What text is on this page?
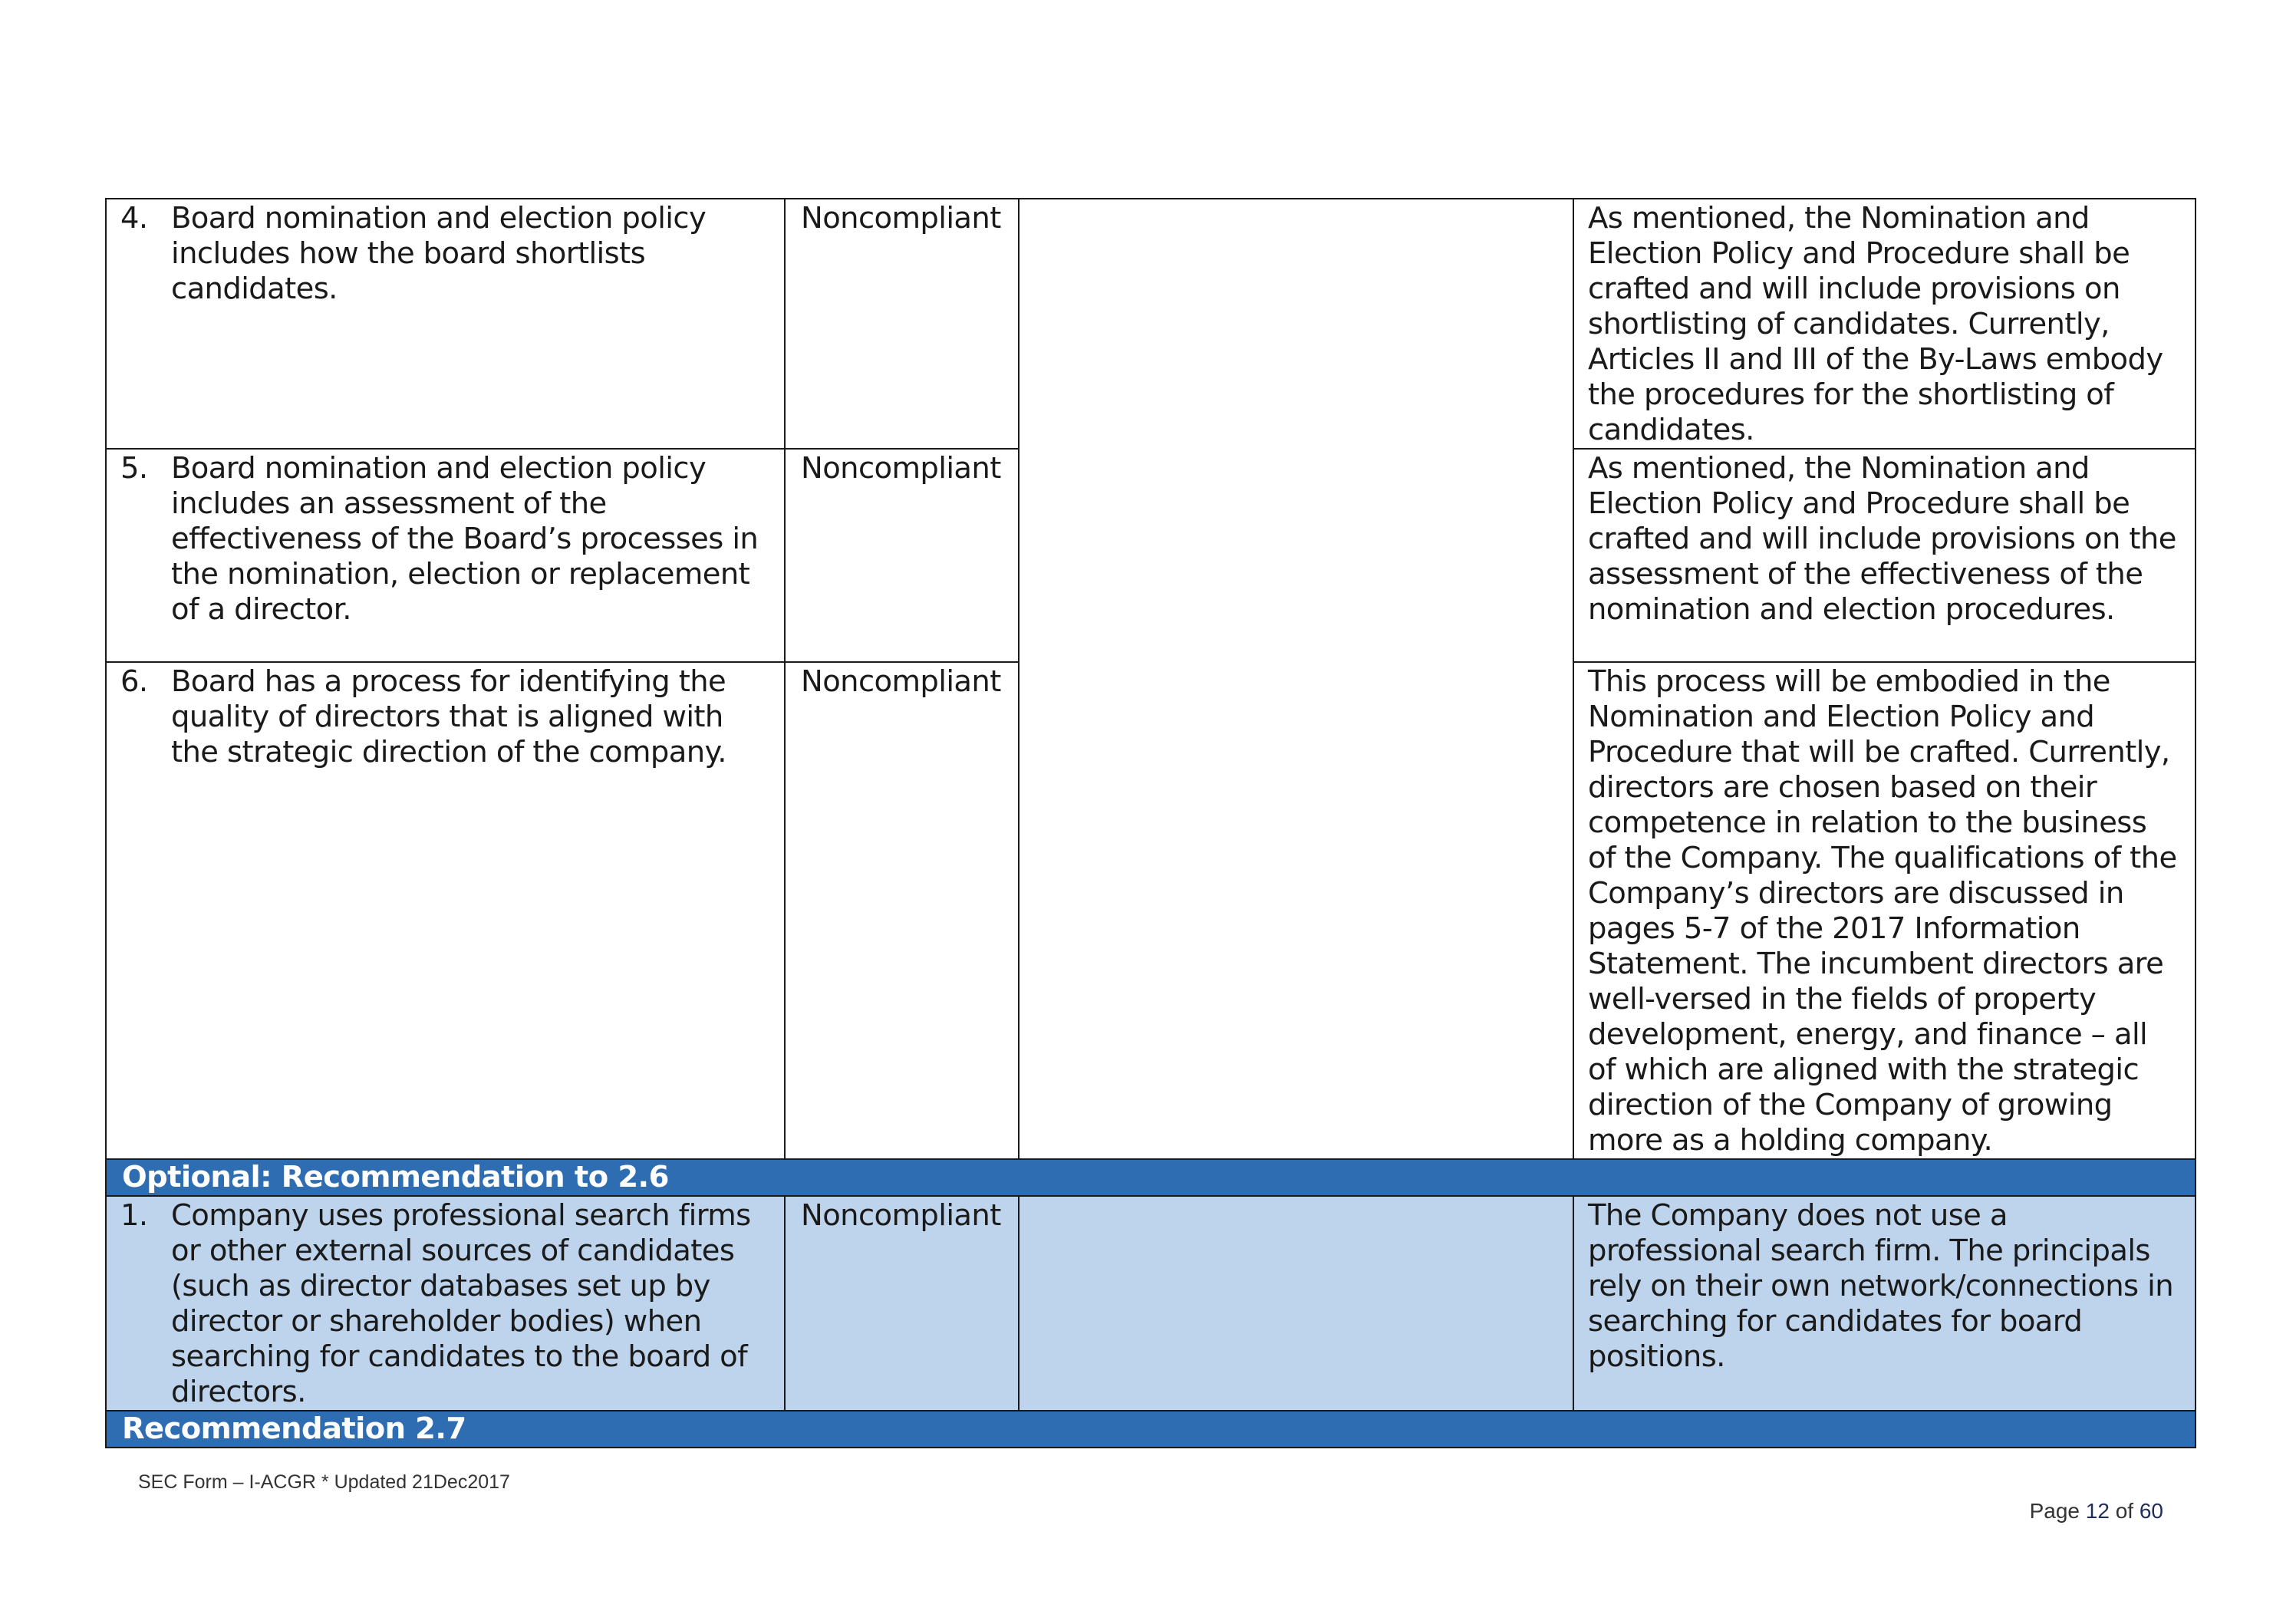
4. Board nomination and election policy includes how the board shortlists candidates.	Noncompliant		As mentioned, the Nomination and Election Policy and Procedure shall be crafted and will include provisions on shortlisting of candidates. Currently, Articles II and III of the By-Laws embody the procedures for the shortlisting of candidates.

5. Board nomination and election policy includes an assessment of the effectiveness of the Board’s processes in the nomination, election or replacement of a director.	Noncompliant		As mentioned, the Nomination and Election Policy and Procedure shall be crafted and will include provisions on the assessment of the effectiveness of the nomination and election procedures.

6. Board has a process for identifying the quality of directors that is aligned with the strategic direction of the company.	Noncompliant		This process will be embodied in the Nomination and Election Policy and Procedure that will be crafted. Currently, directors are chosen based on their competence in relation to the business of the Company. The qualifications of the Company’s directors are discussed in pages 5-7 of the 2017 Information Statement. The incumbent directors are well-versed in the fields of property development, energy, and finance – all of which are aligned with the strategic direction of the Company of growing more as a holding company.
Optional: Recommendation to 2.6			

1. Company uses professional search firms or other external sources of candidates (such as director databases set up by director or shareholder bodies) when searching for candidates to the board of directors.	Noncompliant		The Company does not use a professional search firm. The principals rely on their own network/connections in searching for candidates for board positions.
Recommendation 2.7			
SEC Form – I-ACGR * Updated 21Dec2017
Page 12 of 60
